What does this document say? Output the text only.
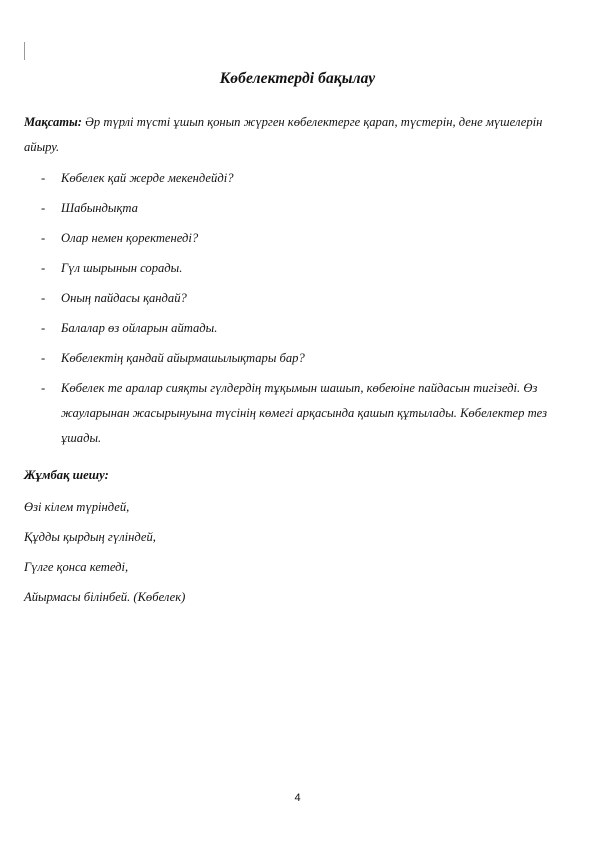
Көбелектерді бақылау
Мақсаты: Әр түрлі түсті ұшып қонып жүрген көбелектерге қарап, түстерін, дене мүшелерін айыру.
- Көбелек қай жерде мекендейді?
- Шабындықта
- Олар немен қоректенеді?
- Гүл шырынын сорады.
- Оның пайдасы қандай?
- Балалар өз ойларын айтады.
- Көбелектің қандай айырмашылықтары бар?
- Көбелек те аралар сияқты гүлдердің тұқымын шашып, көбеюіне пайдасын тигізеді. Өз жауларынан жасырынуына түсінің көмегі арқасында қашып құтылады. Көбелектер тез ұшады.
Жұмбақ шешу:
Өзі кілем түріндей,
Құдды қырдың гүліндей,
Гүлге қонса кетеді,
Айырмасы білінбей. (Көбелек)
4
